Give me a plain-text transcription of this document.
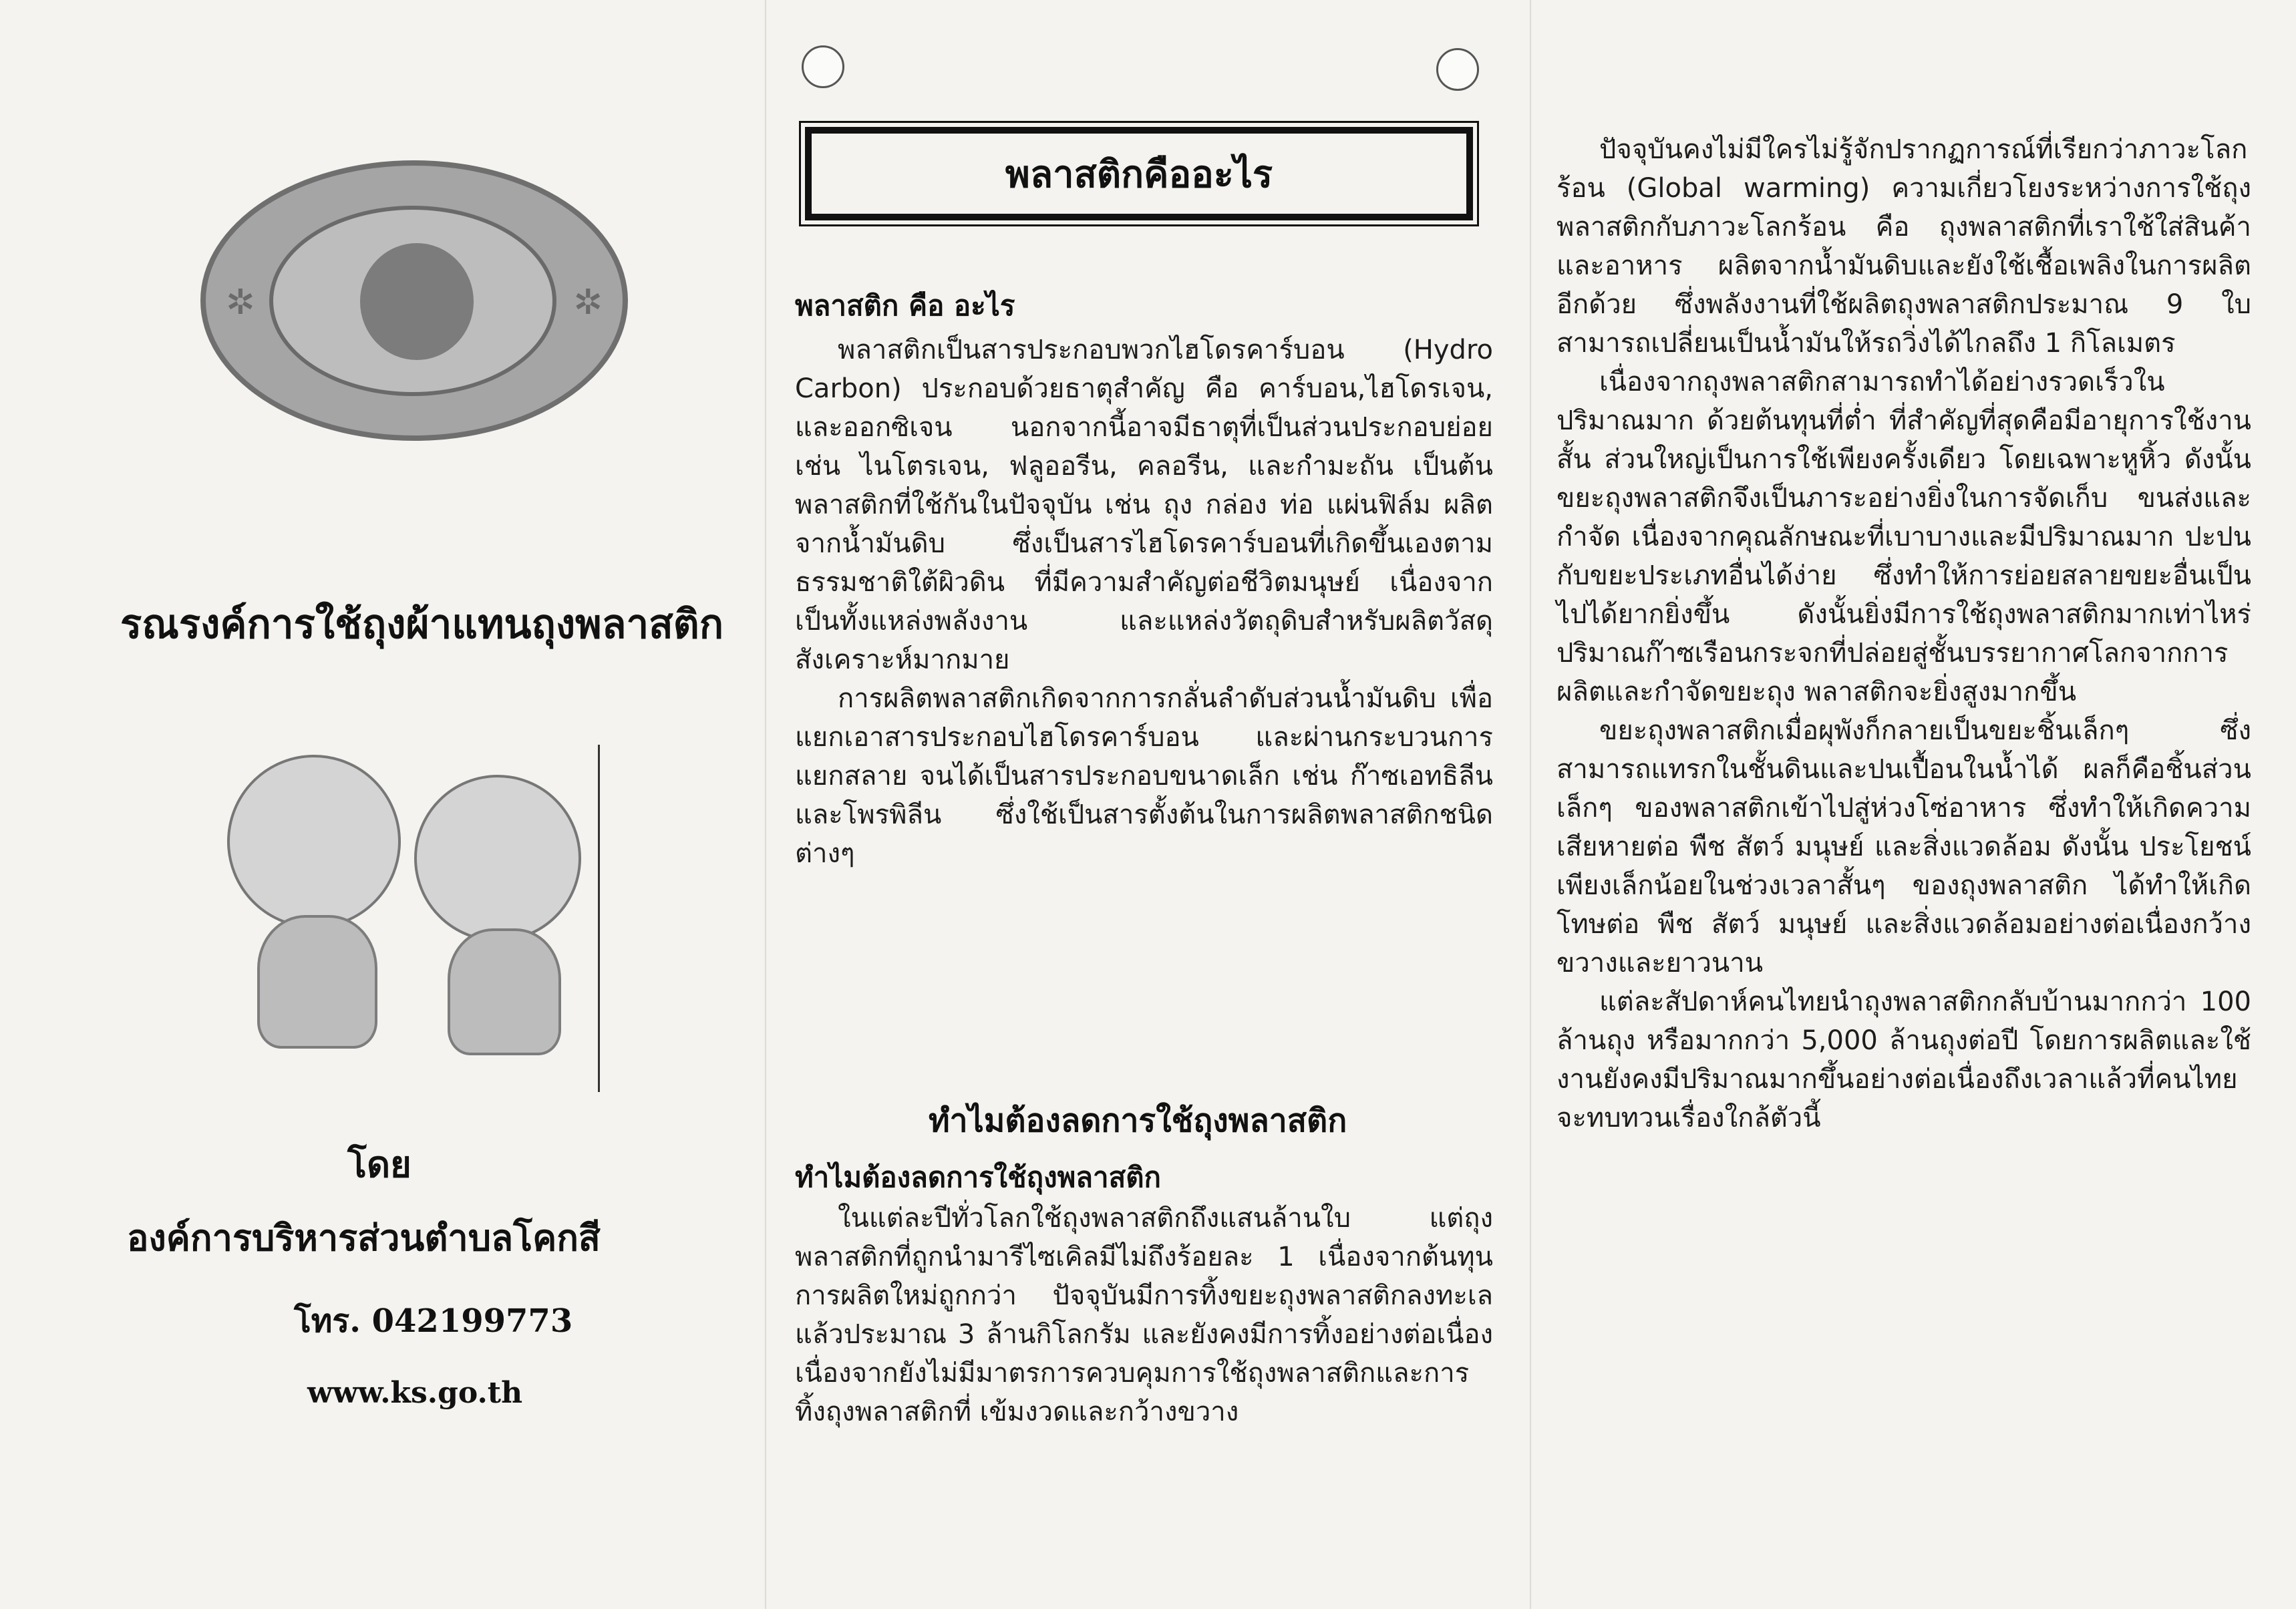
✲	✲
รณรงค์การใช้ถุงผ้าแทนถุงพลาสติก
โดย
องค์การบริหารส่วนตำบลโคกสี
โทร. 042199773
www.ks.go.th
พลาสติกคืออะไร
พลาสติก คือ อะไร

พลาสติกเป็นสารประกอบพวกไฮโดรคาร์บอน (Hydro Carbon) ประกอบด้วยธาตุสำคัญ คือ คาร์บอน,ไฮโดรเจน, และออกซิเจน นอกจากนี้อาจมีธาตุที่เป็นส่วนประกอบย่อย เช่น ไนโตรเจน, ฟลูออรีน, คลอรีน, และกำมะถัน เป็นต้น พลาสติกที่ใช้กันในปัจจุบัน เช่น ถุง กล่อง ท่อ แผ่นฟิล์ม ผลิตจากน้ำมันดิบ ซึ่งเป็นสารไฮโดรคาร์บอนที่เกิดขึ้นเองตามธรรมชาติใต้ผิวดิน ที่มีความสำคัญต่อชีวิตมนุษย์ เนื่องจากเป็นทั้งแหล่งพลังงาน และแหล่งวัตถุดิบสำหรับผลิตวัสดุสังเคราะห์มากมาย

การผลิตพลาสติกเกิดจากการกลั่นลำดับส่วนน้ำมันดิบ เพื่อแยกเอาสารประกอบไฮโดรคาร์บอน และผ่านกระบวนการแยกสลาย จนได้เป็นสารประกอบขนาดเล็ก เช่น ก๊าซเอทธิลีน และโพรพิลีน ซึ่งใช้เป็นสารตั้งต้นในการผลิตพลาสติกชนิดต่างๆ

ทำไมต้องลดการใช้ถุงพลาสติก
ทำไมต้องลดการใช้ถุงพลาสติก

ในแต่ละปีทั่วโลกใช้ถุงพลาสติกถึงแสนล้านใบ แต่ถุงพลาสติกที่ถูกนำมารีไซเคิลมีไม่ถึงร้อยละ 1 เนื่องจากต้นทุนการผลิตใหม่ถูกกว่า ปัจจุบันมีการทิ้งขยะถุงพลาสติกลงทะเลแล้วประมาณ 3 ล้านกิโลกรัม และยังคงมีการทิ้งอย่างต่อเนื่อง เนื่องจากยังไม่มีมาตรการควบคุมการใช้ถุงพลาสติกและการทิ้งถุงพลาสติกที่ เข้มงวดและกว้างขวาง

ปัจจุบันคงไม่มีใครไม่รู้จักปรากฏการณ์ที่เรียกว่าภาวะโลกร้อน (Global warming) ความเกี่ยวโยงระหว่างการใช้ถุงพลาสติกกับภาวะโลกร้อน คือ ถุงพลาสติกที่เราใช้ใส่สินค้าและอาหาร ผลิตจากน้ำมันดิบและยังใช้เชื้อเพลิงในการผลิตอีกด้วย ซึ่งพลังงานที่ใช้ผลิตถุงพลาสติกประมาณ 9 ใบ สามารถเปลี่ยนเป็นน้ำมันให้รถวิ่งได้ไกลถึง 1 กิโลเมตร

เนื่องจากถุงพลาสติกสามารถทำได้อย่างรวดเร็วในปริมาณมาก ด้วยต้นทุนที่ต่ำ ที่สำคัญที่สุดคือมีอายุการใช้งานสั้น ส่วนใหญ่เป็นการใช้เพียงครั้งเดียว โดยเฉพาะหูหิ้ว ดังนั้นขยะถุงพลาสติกจึงเป็นภาระอย่างยิ่งในการจัดเก็บ ขนส่งและกำจัด เนื่องจากคุณลักษณะที่เบาบางและมีปริมาณมาก ปะปนกับขยะประเภทอื่นได้ง่าย ซึ่งทำให้การย่อยสลายขยะอื่นเป็นไปได้ยากยิ่งขึ้น ดังนั้นยิ่งมีการใช้ถุงพลาสติกมากเท่าไหร่ปริมาณก๊าซเรือนกระจกที่ปล่อยสู่ชั้นบรรยากาศโลกจากการผลิตและกำจัดขยะถุง พลาสติกจะยิ่งสูงมากขึ้น

ขยะถุงพลาสติกเมื่อผุพังก็กลายเป็นขยะชิ้นเล็กๆ ซึ่งสามารถแทรกในชั้นดินและปนเปื้อนในน้ำได้ ผลก็คือชิ้นส่วนเล็กๆ ของพลาสติกเข้าไปสู่ห่วงโซ่อาหาร ซึ่งทำให้เกิดความเสียหายต่อ พืช สัตว์ มนุษย์ และสิ่งแวดล้อม ดังนั้น ประโยชน์เพียงเล็กน้อยในช่วงเวลาสั้นๆ ของถุงพลาสติก ได้ทำให้เกิดโทษต่อ พืช สัตว์ มนุษย์ และสิ่งแวดล้อมอย่างต่อเนื่องกว้างขวางและยาวนาน

แต่ละสัปดาห์คนไทยนำถุงพลาสติกกลับบ้านมากกว่า 100 ล้านถุง หรือมากกว่า 5,000 ล้านถุงต่อปี โดยการผลิตและใช้งานยังคงมีปริมาณมากขึ้นอย่างต่อเนื่องถึงเวลาแล้วที่คนไทยจะทบทวนเรื่องใกล้ตัวนี้
